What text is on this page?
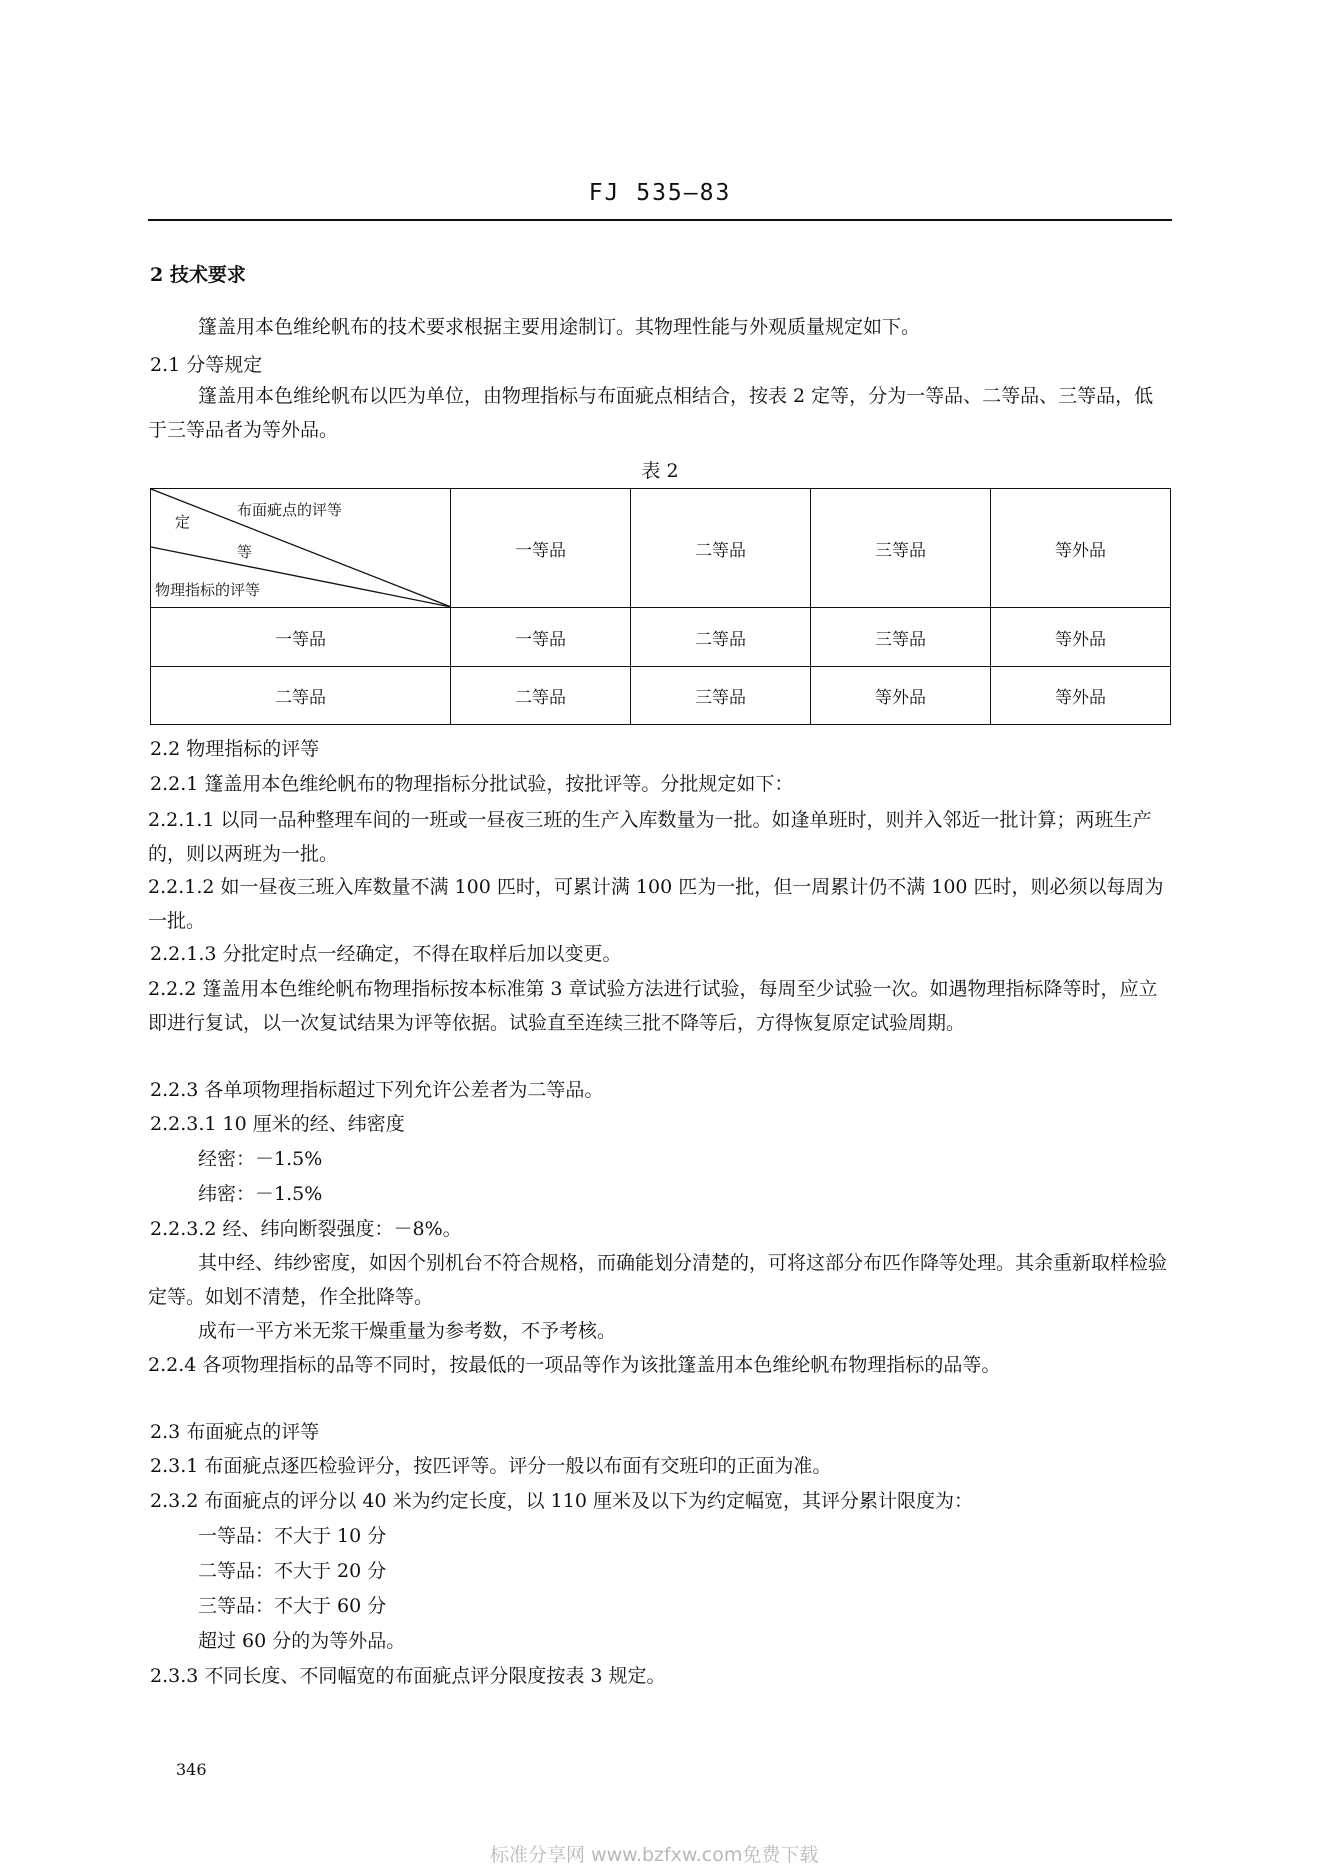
FJ 535—83
2 技术要求
篷盖用本色维纶帆布的技术要求根据主要用途制订。其物理性能与外观质量规定如下。
2.1 分等规定
篷盖用本色维纶帆布以匹为单位，由物理指标与布面疵点相结合，按表 2 定等，分为一等品、二等品、三等品，低于三等品者为等外品。
表 2
定
布面疵点的评等
等
物理指标的评等	一等品	二等品	三等品	等外品
一等品	一等品	二等品	三等品	等外品
二等品	二等品	三等品	等外品	等外品
2.2 物理指标的评等
2.2.1 篷盖用本色维纶帆布的物理指标分批试验，按批评等。分批规定如下：
2.2.1.1 以同一品种整理车间的一班或一昼夜三班的生产入库数量为一批。如逢单班时，则并入邻近一批计算；两班生产的，则以两班为一批。
2.2.1.2 如一昼夜三班入库数量不满 100 匹时，可累计满 100 匹为一批，但一周累计仍不满 100 匹时，则必须以每周为一批。
2.2.1.3 分批定时点一经确定，不得在取样后加以变更。
2.2.2 篷盖用本色维纶帆布物理指标按本标准第 3 章试验方法进行试验，每周至少试验一次。如遇物理指标降等时，应立即进行复试，以一次复试结果为评等依据。试验直至连续三批不降等后，方得恢复原定试验周期。
2.2.3 各单项物理指标超过下列允许公差者为二等品。
2.2.3.1 10 厘米的经、纬密度
经密：－1.5%
纬密：－1.5%
2.2.3.2 经、纬向断裂强度：－8%。
其中经、纬纱密度，如因个别机台不符合规格，而确能划分清楚的，可将这部分布匹作降等处理。其余重新取样检验定等。如划不清楚，作全批降等。
成布一平方米无浆干燥重量为参考数，不予考核。
2.2.4 各项物理指标的品等不同时，按最低的一项品等作为该批篷盖用本色维纶帆布物理指标的品等。
2.3 布面疵点的评等
2.3.1 布面疵点逐匹检验评分，按匹评等。评分一般以布面有交班印的正面为准。
2.3.2 布面疵点的评分以 40 米为约定长度，以 110 厘米及以下为约定幅宽，其评分累计限度为：
一等品：不大于 10 分
二等品：不大于 20 分
三等品：不大于 60 分
超过 60 分的为等外品。
2.3.3 不同长度、不同幅宽的布面疵点评分限度按表 3 规定。
346
标准分享网 www.bzfxw.com免费下载
